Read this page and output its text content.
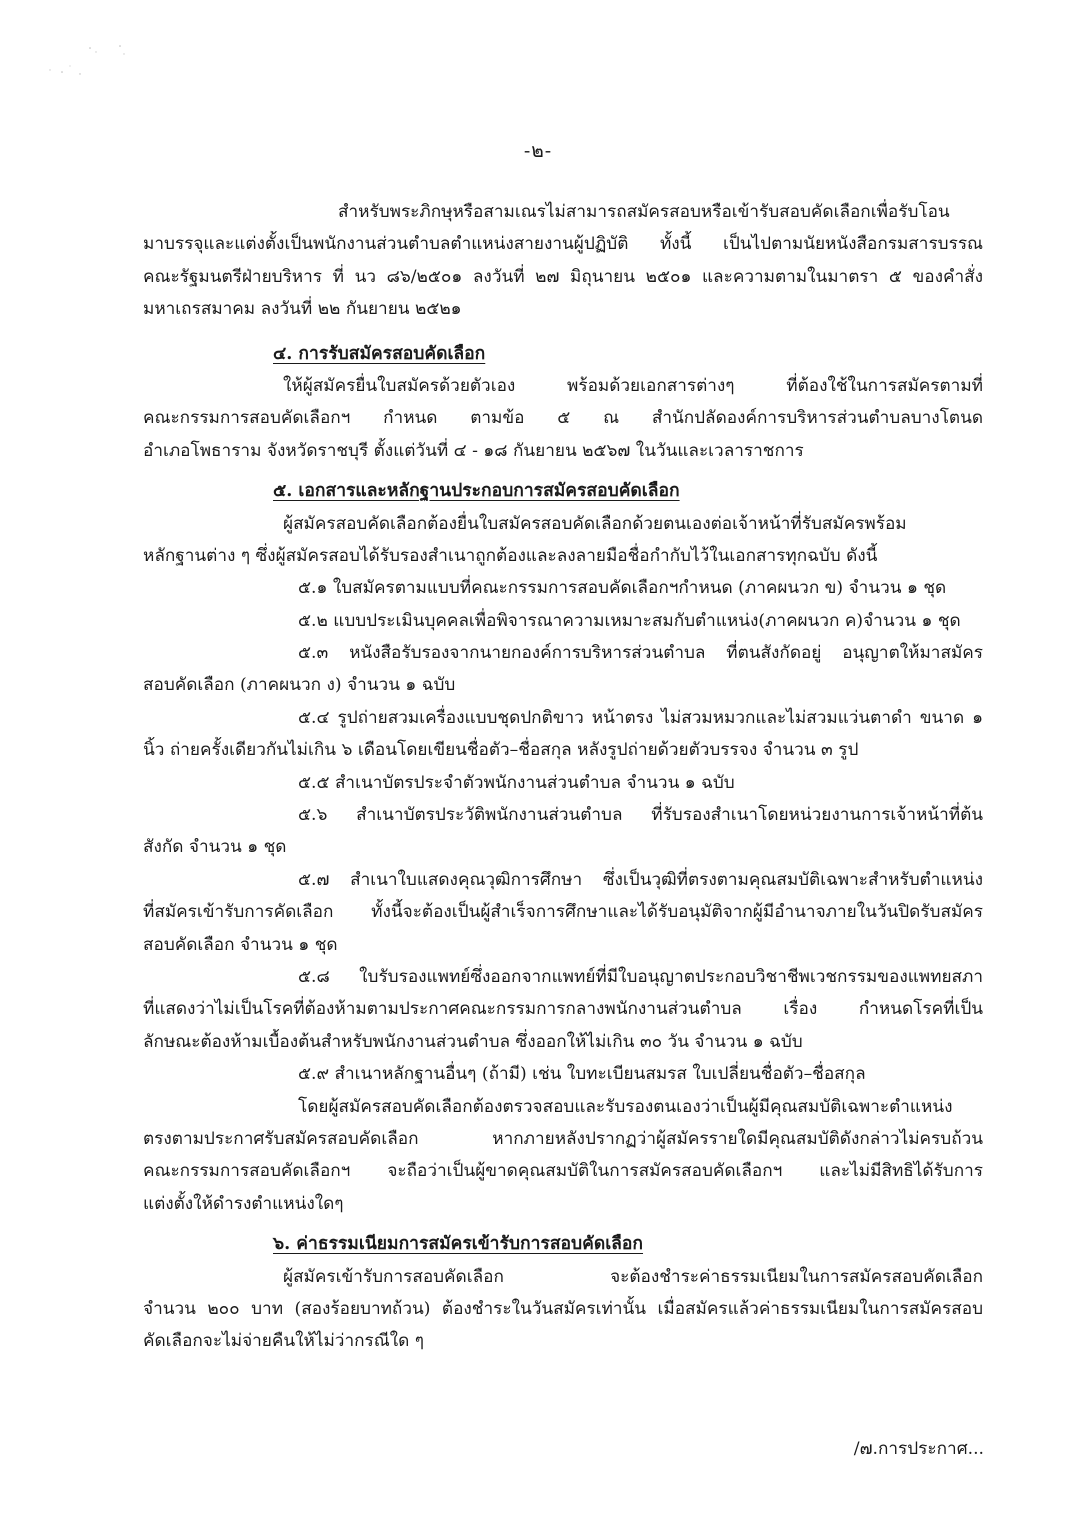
-๒-
สำหรับพระภิกษุหรือสามเณรไม่สามารถสมัครสอบหรือเข้ารับสอบคัดเลือกเพื่อรับโอน
มาบรรจุและแต่งตั้งเป็นพนักงานส่วนตำบลตำแหน่งสายงานผู้ปฏิบัติ ทั้งนี้ เป็นไปตามนัยหนังสือกรมสารบรรณ
คณะรัฐมนตรีฝ่ายบริหาร ที่ นว ๘๖/๒๕๐๑ ลงวันที่ ๒๗ มิถุนายน ๒๕๐๑ และความตามในมาตรา ๕ ของคำสั่ง
มหาเถรสมาคม ลงวันที่ ๒๒ กันยายน ๒๕๒๑
๔. การรับสมัครสอบคัดเลือก
ให้ผู้สมัครยื่นใบสมัครด้วยตัวเอง พร้อมด้วยเอกสารต่างๆ ที่ต้องใช้ในการสมัครตามที่
คณะกรรมการสอบคัดเลือกฯ กำหนด ตามข้อ ๕ ณ สำนักปลัดองค์การบริหารส่วนตำบลบางโตนด
อำเภอโพธาราม จังหวัดราชบุรี ตั้งแต่วันที่ ๔ - ๑๘ กันยายน ๒๕๖๗ ในวันและเวลาราชการ
๕. เอกสารและหลักฐานประกอบการสมัครสอบคัดเลือก
ผู้สมัครสอบคัดเลือกต้องยื่นใบสมัครสอบคัดเลือกด้วยตนเองต่อเจ้าหน้าที่รับสมัครพร้อม
หลักฐานต่าง ๆ ซึ่งผู้สมัครสอบได้รับรองสำเนาถูกต้องและลงลายมือชื่อกำกับไว้ในเอกสารทุกฉบับ ดังนี้
๕.๑ ใบสมัครตามแบบที่คณะกรรมการสอบคัดเลือกฯกำหนด (ภาคผนวก ข) จำนวน ๑ ชุด
๕.๒ แบบประเมินบุคคลเพื่อพิจารณาความเหมาะสมกับตำแหน่ง(ภาคผนวก ค)จำนวน ๑ ชุด
๕.๓ หนังสือรับรองจากนายกองค์การบริหารส่วนตำบล ที่ตนสังกัดอยู่ อนุญาตให้มาสมัคร
สอบคัดเลือก (ภาคผนวก ง) จำนวน ๑ ฉบับ
๕.๔ รูปถ่ายสวมเครื่องแบบชุดปกติขาว หน้าตรง ไม่สวมหมวกและไม่สวมแว่นตาดำ ขนาด ๑
นิ้ว ถ่ายครั้งเดียวกันไม่เกิน ๖ เดือนโดยเขียนชื่อตัว–ชื่อสกุล หลังรูปถ่ายด้วยตัวบรรจง จำนวน ๓ รูป
๕.๕ สำเนาบัตรประจำตัวพนักงานส่วนตำบล จำนวน ๑ ฉบับ
๕.๖ สำเนาบัตรประวัติพนักงานส่วนตำบล ที่รับรองสำเนาโดยหน่วยงานการเจ้าหน้าที่ต้น
สังกัด จำนวน ๑ ชุด
๕.๗ สำเนาใบแสดงคุณวุฒิการศึกษา ซึ่งเป็นวุฒิที่ตรงตามคุณสมบัติเฉพาะสำหรับตำแหน่ง
ที่สมัครเข้ารับการคัดเลือก ทั้งนี้จะต้องเป็นผู้สำเร็จการศึกษาและได้รับอนุมัติจากผู้มีอำนาจภายในวันปิดรับสมัคร
สอบคัดเลือก จำนวน ๑ ชุด
๕.๘ ใบรับรองแพทย์ซึ่งออกจากแพทย์ที่มีใบอนุญาตประกอบวิชาชีพเวชกรรมของแพทยสภา
ที่แสดงว่าไม่เป็นโรคที่ต้องห้ามตามประกาศคณะกรรมการกลางพนักงานส่วนตำบล เรื่อง กำหนดโรคที่เป็น
ลักษณะต้องห้ามเบื้องต้นสำหรับพนักงานส่วนตำบล ซึ่งออกให้ไม่เกิน ๓๐ วัน จำนวน ๑ ฉบับ
๕.๙ สำเนาหลักฐานอื่นๆ (ถ้ามี) เช่น ใบทะเบียนสมรส ใบเปลี่ยนชื่อตัว–ชื่อสกุล
โดยผู้สมัครสอบคัดเลือกต้องตรวจสอบและรับรองตนเองว่าเป็นผู้มีคุณสมบัติเฉพาะตำแหน่ง
ตรงตามประกาศรับสมัครสอบคัดเลือก หากภายหลังปรากฏว่าผู้สมัครรายใดมีคุณสมบัติดังกล่าวไม่ครบถ้วน
คณะกรรมการสอบคัดเลือกฯ จะถือว่าเป็นผู้ขาดคุณสมบัติในการสมัครสอบคัดเลือกฯ และไม่มีสิทธิได้รับการ
แต่งตั้งให้ดำรงตำแหน่งใดๆ
๖. ค่าธรรมเนียมการสมัครเข้ารับการสอบคัดเลือก
ผู้สมัครเข้ารับการสอบคัดเลือก จะต้องชำระค่าธรรมเนียมในการสมัครสอบคัดเลือก
จำนวน ๒๐๐ บาท (สองร้อยบาทถ้วน) ต้องชำระในวันสมัครเท่านั้น เมื่อสมัครแล้วค่าธรรมเนียมในการสมัครสอบ
คัดเลือกจะไม่จ่ายคืนให้ไม่ว่ากรณีใด ๆ
/๗.การประกาศ...
